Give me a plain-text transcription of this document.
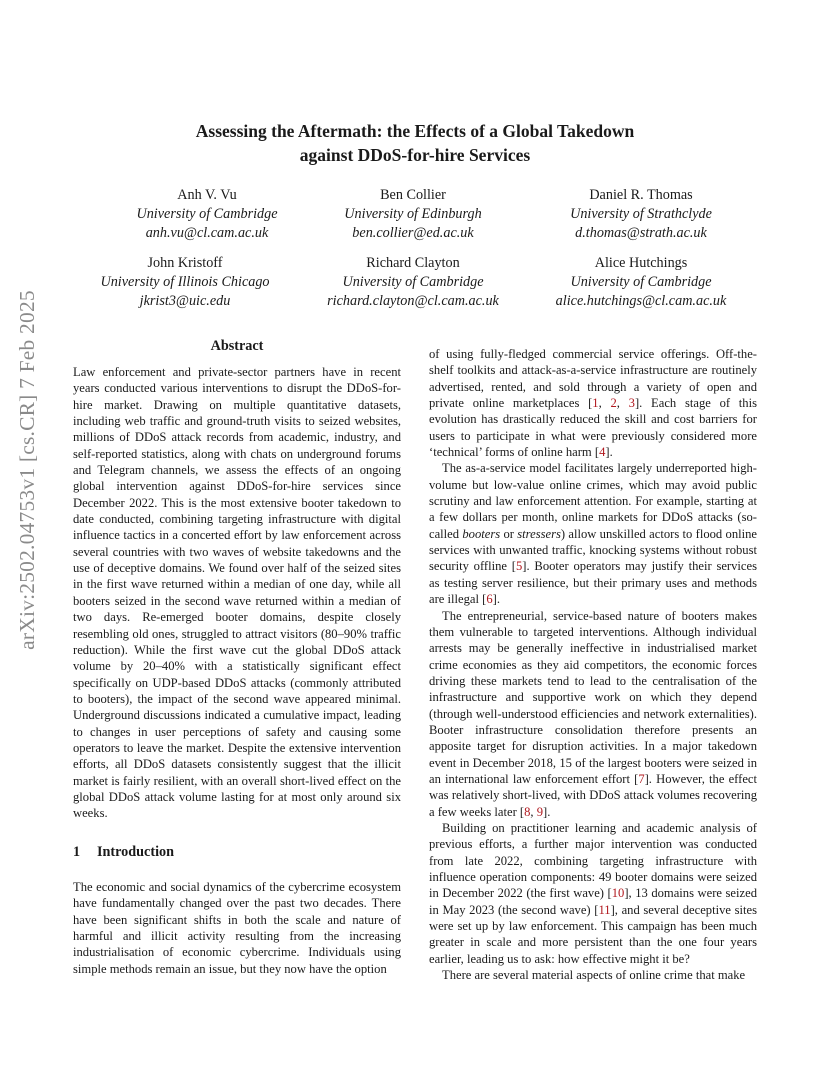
arXiv:2502.04753v1 [cs.CR] 7 Feb 2025
Assessing the Aftermath: the Effects of a Global Takedown
against DDoS-for-hire Services
Anh V. Vu
University of Cambridge
anh.vu@cl.cam.ac.uk
Ben Collier
University of Edinburgh
ben.collier@ed.ac.uk
Daniel R. Thomas
University of Strathclyde
d.thomas@strath.ac.uk
John Kristoff
University of Illinois Chicago
jkrist3@uic.edu
Richard Clayton
University of Cambridge
richard.clayton@cl.cam.ac.uk
Alice Hutchings
University of Cambridge
alice.hutchings@cl.cam.ac.uk
Abstract

Law enforcement and private-sector partners have in recent years conducted various interventions to disrupt the DDoS-for-hire market. Drawing on multiple quantitative datasets, including web traffic and ground-truth visits to seized websites, millions of DDoS attack records from academic, industry, and self-reported statistics, along with chats on underground forums and Telegram channels, we assess the effects of an ongoing global intervention against DDoS-for-hire services since December 2022. This is the most extensive booter takedown to date conducted, combining targeting infrastructure with digital influence tactics in a concerted effort by law enforcement across several countries with two waves of website takedowns and the use of deceptive domains. We found over half of the seized sites in the first wave returned within a median of one day, while all booters seized in the second wave returned within a median of two days. Re-emerged booter domains, despite closely resembling old ones, struggled to attract visitors (80–90% traffic reduction). While the first wave cut the global DDoS attack volume by 20–40% with a statistically significant effect specifically on UDP-based DDoS attacks (commonly attributed to booters), the impact of the second wave appeared minimal. Underground discussions indicated a cumulative impact, leading to changes in user perceptions of safety and causing some operators to leave the market. Despite the extensive intervention efforts, all DDoS datasets consistently suggest that the illicit market is fairly resilient, with an overall short-lived effect on the global DDoS attack volume lasting for at most only around six weeks.

1 Introduction

The economic and social dynamics of the cybercrime ecosystem have fundamentally changed over the past two decades. There have been significant shifts in both the scale and nature of harmful and illicit activity resulting from the increasing industrialisation of economic cybercrime. Individuals using simple methods remain an issue, but they now have the option

of using fully-fledged commercial service offerings. Off-the-shelf toolkits and attack-as-a-service infrastructure are routinely advertised, rented, and sold through a variety of open and private online marketplaces [1, 2, 3]. Each stage of this evolution has drastically reduced the skill and cost barriers for users to participate in what were previously considered more ‘technical’ forms of online harm [4].

The as-a-service model facilitates largely underreported high-volume but low-value online crimes, which may avoid public scrutiny and law enforcement attention. For example, starting at a few dollars per month, online markets for DDoS attacks (so-called booters or stressers) allow unskilled actors to flood online services with unwanted traffic, knocking systems without robust security offline [5]. Booter operators may justify their services as testing server resilience, but their primary uses and methods are illegal [6].

The entrepreneurial, service-based nature of booters makes them vulnerable to targeted interventions. Although individual arrests may be generally ineffective in industrialised market crime economies as they aid competitors, the economic forces driving these markets tend to lead to the centralisation of the infrastructure and supportive work on which they depend (through well-understood efficiencies and network externalities). Booter infrastructure consolidation therefore presents an apposite target for disruption activities. In a major takedown event in December 2018, 15 of the largest booters were seized in an international law enforcement effort [7]. However, the effect was relatively short-lived, with DDoS attack volumes recovering a few weeks later [8, 9].

Building on practitioner learning and academic analysis of previous efforts, a further major intervention was conducted from late 2022, combining targeting infrastructure with influence operation components: 49 booter domains were seized in December 2022 (the first wave) [10], 13 domains were seized in May 2023 (the second wave) [11], and several deceptive sites were set up by law enforcement. This campaign has been much greater in scale and more persistent than the one four years earlier, leading us to ask: how effective might it be?

There are several material aspects of online crime that make
